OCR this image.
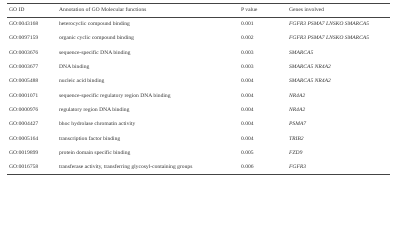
GO ID	Annotation of GO Molecular functions	P value	Genes involved
GO:0043168	heterocyclic compound binding	0.001	FGFR3 PSMA7 LNSKO SMARCA5
GO:0097159	organic cyclic compound binding	0.002	FGFR3 PSMA7 LNSKO SMARCA5
GO:0003676	sequence-specific DNA binding	0.003	SMARCA5
GO:0003677	DNA binding	0.003	SMARCA5 NR4A2
GO:0005488	nucleic acid binding	0.004	SMARCA5 NR4A2
GO:0001071	sequence-specific regulatory region DNA binding	0.004	NR4A2
GO:0000976	regulatory region DNA binding	0.004	NR4A2
GO:0004427	bhoc hydrolase chromatin activity	0.004	PSMA7
GO:0005164	transcription factor binding	0.004	TRIB2
GO:0019899	protein domain specific binding	0.005	FZD9
GO:0016758	transferase activity, transferring glycosyl-containing groups	0.006	FGFR3
